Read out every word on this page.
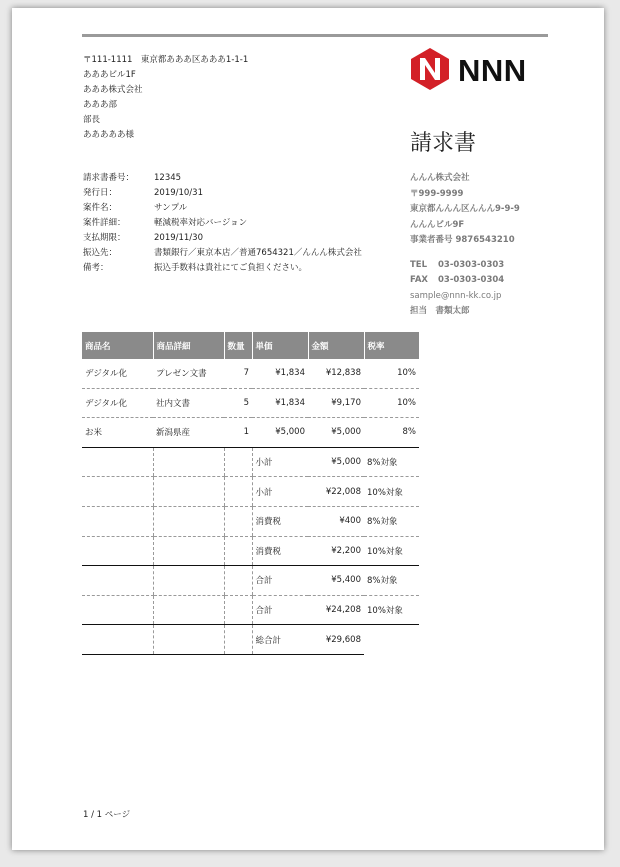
〒111-1111　東京都あああ区あああ1-1-1
あああビル1F
あああ株式会社
あああ部
部長
あああああ様
NNN
請求書
請求書番号：	12345
発行日：	2019/10/31
案件名：	サンプル
案件詳細：	軽減税率対応バージョン
支払期限：	2019/11/30
振込先：	書類銀行／東京本店／普通7654321／んんん株式会社
備考：	振込手数料は貴社にてご負担ください。
んんん株式会社
〒999-9999
東京都んんん区んんん9-9-9
んんんビル9F
事業者番号 9876543210
TEL	03-0303-0303
FAX	03-0303-0304
sample@nnn-kk.co.jp
担当　書類太郎
商品名	商品詳細	数量	単価	金額	税率
デジタル化	プレゼン文書	7	¥1,834	¥12,838	10%
デジタル化	社内文書	5	¥1,834	¥9,170	10%
お米	新潟県産	1	¥5,000	¥5,000	8%
			小計	¥5,000	8%対象
			小計	¥22,008	10%対象
			消費税	¥400	8%対象
			消費税	¥2,200	10%対象
			合計	¥5,400	8%対象
			合計	¥24,208	10%対象
			総合計	¥29,608	
1 / 1 ページ
